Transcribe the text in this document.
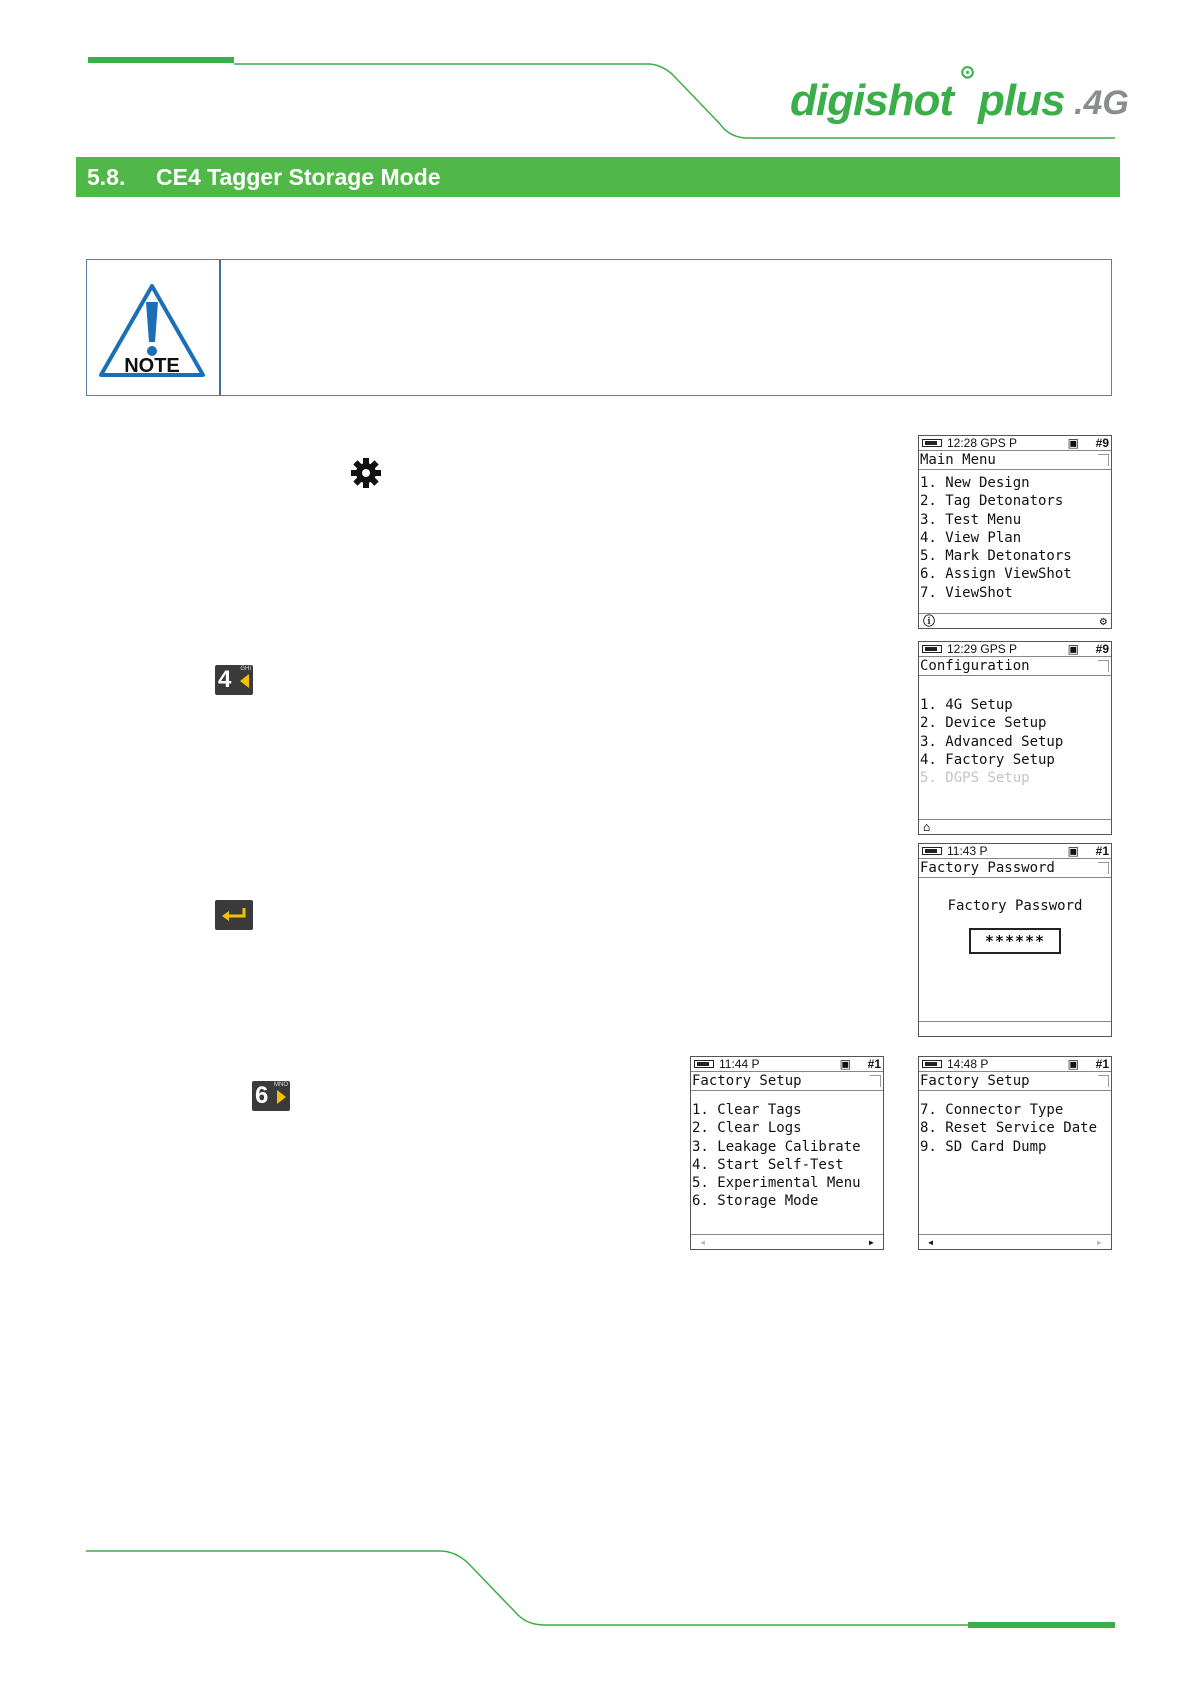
digishot
⊙
plus .4G
5.8. CE4 Tagger Storage Mode
NOTE
4 GHI
6 MNO
12:28 GPS P	▣ #9
Main Menu
1. New Design
2. Tag Detonators
3. Test Menu
4. View Plan
5. Mark Detonators
6. Assign ViewShot
7. ViewShot
ⓘ	⚙
12:29 GPS P	▣ #9
Configuration
1. 4G Setup
2. Device Setup
3. Advanced Setup
4. Factory Setup
5. DGPS Setup
⌂
11:43 P	▣ #1
Factory Password
Factory Password
******
11:44 P	▣ #1
Factory Setup
1. Clear Tags
2. Clear Logs
3. Leakage Calibrate
4. Start Self-Test
5. Experimental Menu
6. Storage Mode
◂	▸
14:48 P	▣ #1
Factory Setup
7. Connector Type
8. Reset Service Date
9. SD Card Dump
◂	▸
